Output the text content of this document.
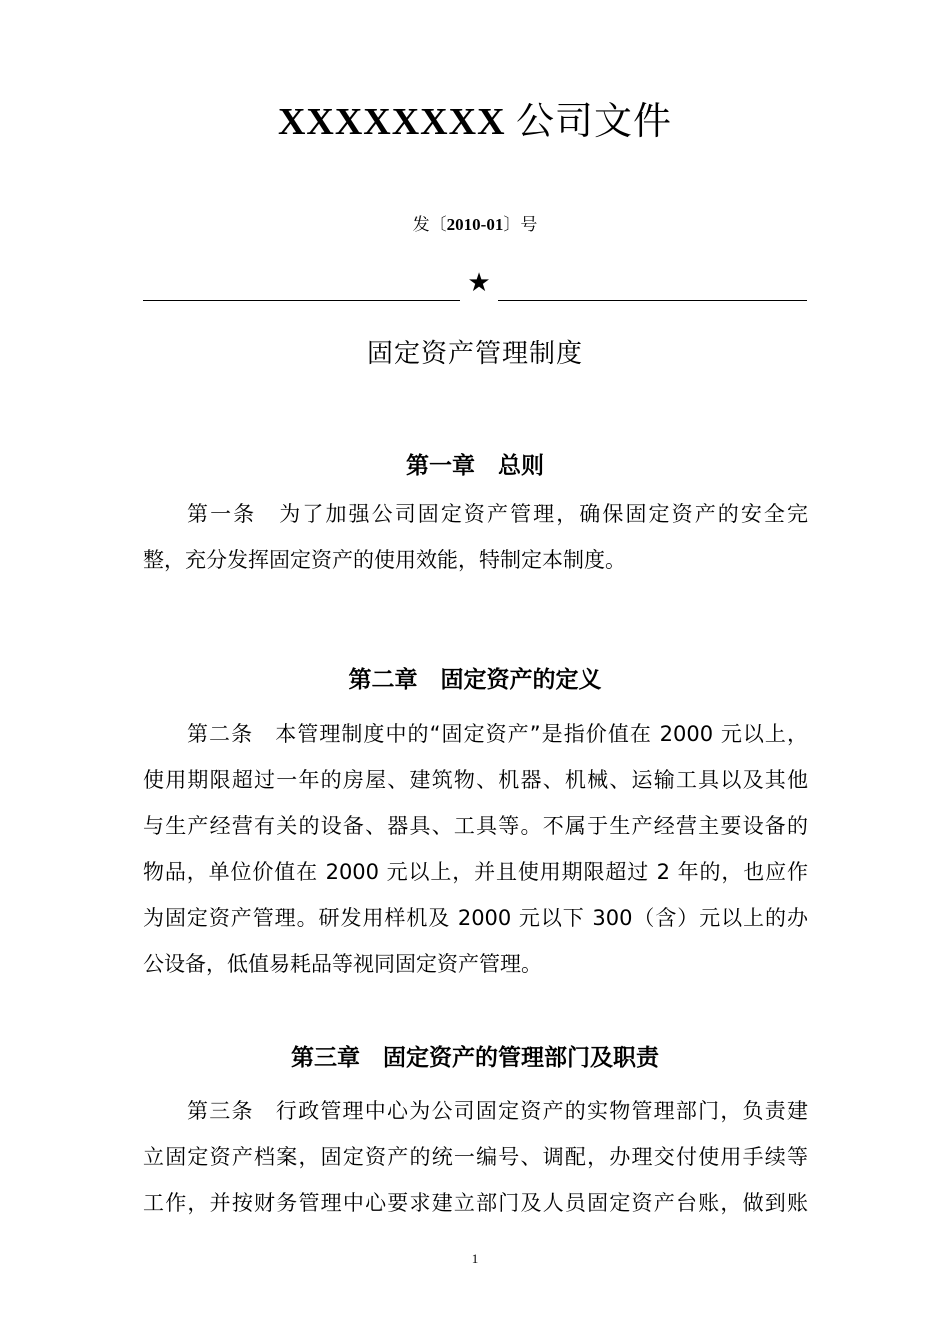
XXXXXXXX 公司文件
发〔2010-01〕号
★
固定资产管理制度
第一章　总则
第一条　为了加强公司固定资产管理，确保固定资产的安全完
整，充分发挥固定资产的使用效能，特制定本制度。
第二章　固定资产的定义
第二条　本管理制度中的“固定资产”是指价值在 2000 元以上，
使用期限超过一年的房屋、建筑物、机器、机械、运输工具以及其他
与生产经营有关的设备、器具、工具等。不属于生产经营主要设备的
物品，单位价值在 2000 元以上，并且使用期限超过 2 年的，也应作
为固定资产管理。研发用样机及 2000 元以下 300（含）元以上的办
公设备，低值易耗品等视同固定资产管理。
第三章　固定资产的管理部门及职责
第三条　行政管理中心为公司固定资产的实物管理部门，负责建
立固定资产档案，固定资产的统一编号、调配，办理交付使用手续等
工作，并按财务管理中心要求建立部门及人员固定资产台账，做到账
1
